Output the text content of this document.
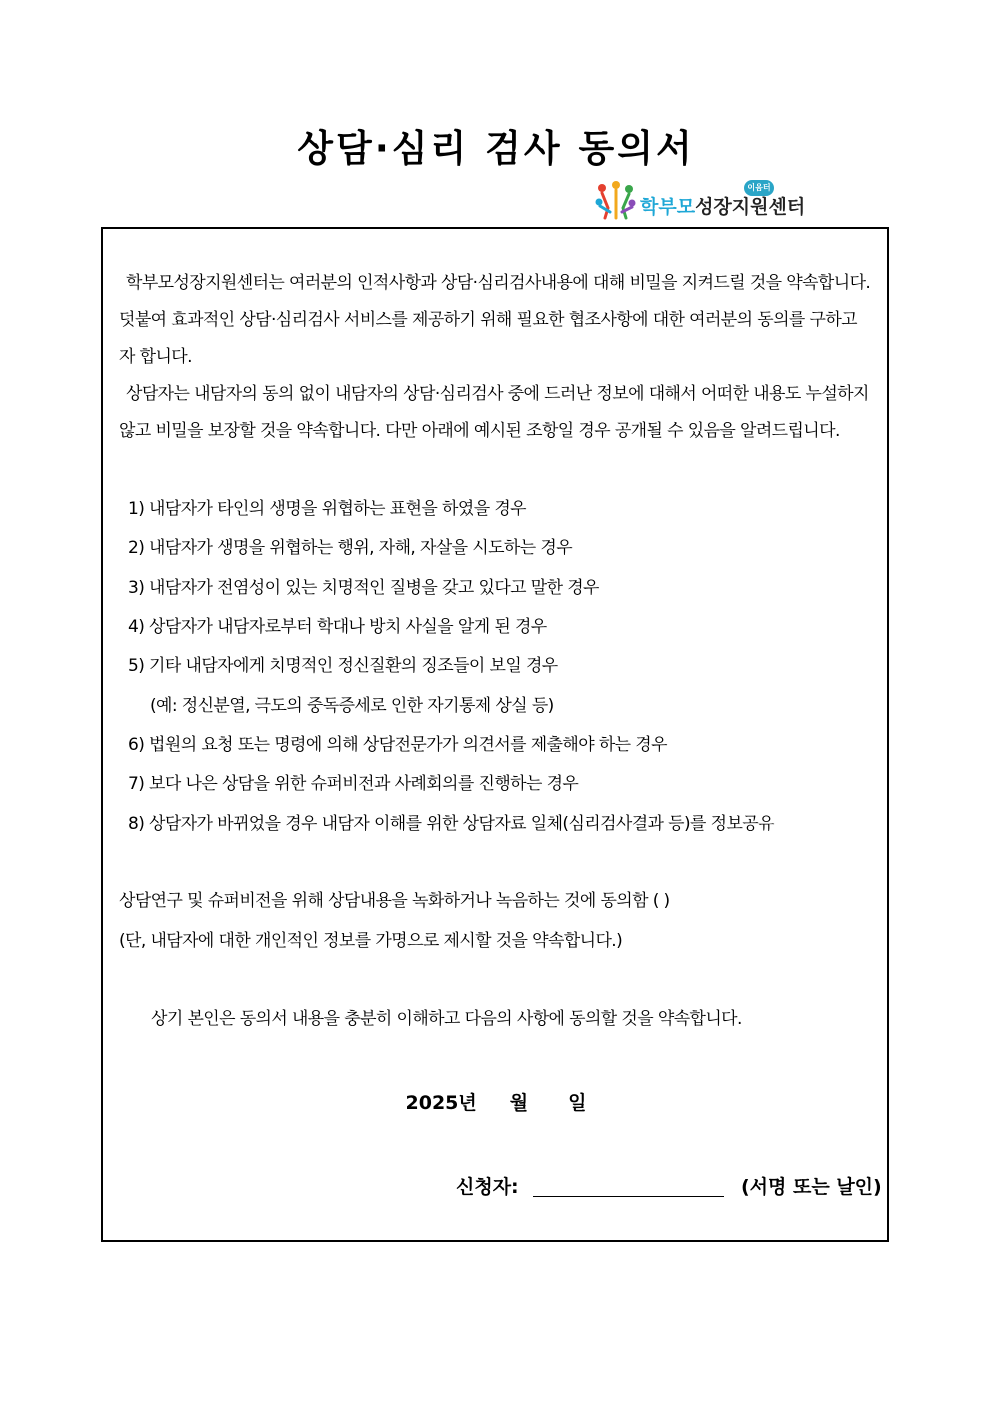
상담·심리 검사 동의서
학부모성장지원센터
이음터
학부모성장지원센터는 여러분의 인적사항과 상담·심리검사내용에 대해 비밀을 지켜드릴 것을 약속합니다.
덧붙여 효과적인 상담·심리검사 서비스를 제공하기 위해 필요한 협조사항에 대한 여러분의 동의를 구하고
자 합니다.
상담자는 내담자의 동의 없이 내담자의 상담·심리검사 중에 드러난 정보에 대해서 어떠한 내용도 누설하지
않고 비밀을 보장할 것을 약속합니다. 다만 아래에 예시된 조항일 경우 공개될 수 있음을 알려드립니다.
1) 내담자가 타인의 생명을 위협하는 표현을 하였을 경우
2) 내담자가 생명을 위협하는 행위, 자해, 자살을 시도하는 경우
3) 내담자가 전염성이 있는 치명적인 질병을 갖고 있다고 말한 경우
4) 상담자가 내담자로부터 학대나 방치 사실을 알게 된 경우
5) 기타 내담자에게 치명적인 정신질환의 징조들이 보일 경우
(예: 정신분열, 극도의 중독증세로 인한 자기통제 상실 등)
6) 법원의 요청 또는 명령에 의해 상담전문가가 의견서를 제출해야 하는 경우
7) 보다 나은 상담을 위한 슈퍼비전과 사례회의를 진행하는 경우
8) 상담자가 바뀌었을 경우 내담자 이해를 위한 상담자료 일체(심리검사결과 등)를 정보공유
상담연구 및 슈퍼비전을 위해 상담내용을 녹화하거나 녹음하는 것에 동의함 ( )
(단, 내담자에 대한 개인적인 정보를 가명으로 제시할 것을 약속합니다.)
상기 본인은 동의서 내용을 충분히 이해하고 다음의 사항에 동의할 것을 약속합니다.
2025년 월 일
신청자:	(서명 또는 날인)
